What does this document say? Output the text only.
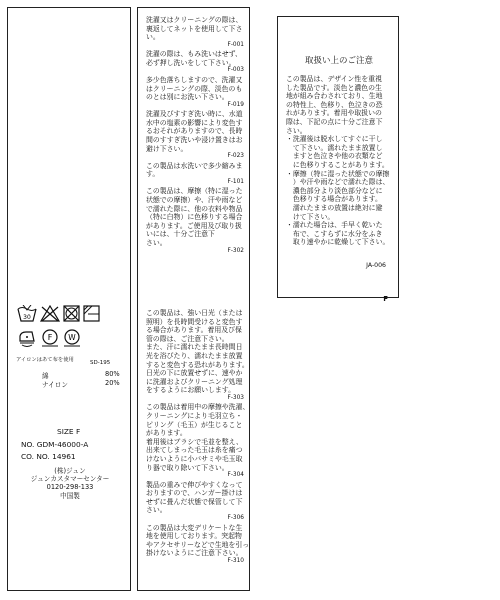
30
F W
アイロンはあて布を使用	SD-195
綿	80%
ナイロン	20%
SIZE F
NO. GDM-46000-A
CO. NO. 14961
(株)ジュン
ジュンカスタマーセンター
0120-298-133
中国製

洗濯又はクリーニングの際は、
裏返してネットを使用して下さ
い。

F-001

洗濯の際は、もみ洗いはせず、
必ず押し洗いをして下さい。

F-003

多少色落ちしますので、洗濯又
はクリーニングの際、淡色のも
のとは別にお洗い下さい。

F-019

洗濯及びすすぎ洗い時に、水道
水中の塩素の影響により変色す
るおそれがありますので、長時
間のすすぎ洗いや浸け置きはお
避け下さい。

F-023

この製品は水洗いで多少縮みま
す。

F-101

この製品は、摩擦（特に湿った
状態での摩擦）や、汗や雨など
で濡れた際に、他の衣料や物品
（特に白物）に色移りする場合
があります。ご使用及び取り扱
いには、十分ご注意下
さい。

F-302

この製品は、強い日光（または
照明）を長時間受けると変色す
る場合があります。着用及び保
管の際は、ご注意下さい。
また、汗に濡れたまま長時間日
光を浴びたり、濡れたまま放置
すると変色する恐れがあります。
日光の下に放置せずに、速やか
に洗濯およびクリーニング処理
をするようにお願いします。

F-303

この製品は着用中の摩擦や洗濯、
クリーニングにより毛羽立ち・
ピリング（毛玉）が生じること
があります。
着用後はブラシで毛並を整え、
出来てしまった毛玉は糸を痛つ
けないように小バサミや毛玉取
り器で取り除いて下さい。

F-304

製品の重みで伸びやすくなって
おりますので、ハンガー掛けは
せずに畳んだ状態で保管して下
さい。

F-306

この製品は大変デリケートな生
地を使用しております。突起物
やアクセサリーなどで生地を引っ
掛けないようにご注意下さい。

F-310
取扱い上のご注意

この製品は、デザイン性を重視
した製品です。淡色と濃色の生
地が組み合わされており、生地
の特性上、色移り、色泣きの恐
れがあります。着用や取扱いの
際は、下記の点に十分ご注意下
さい。
・洗濯後は脱水してすぐに干し
　て下さい。濡れたまま放置し
　ますと色泣きや他の衣類など
　に色移りすることがあります。
・摩擦（特に湿った状態での摩擦
　）や汗や雨などで濡れた際は、
　濃色部分より淡色部分などに
　色移りする場合があります。
　濡れたままの放置は絶対に避
　けて下さい。
・濡れた場合は、手早く乾いた
　布で、こすらずに水分をふき
　取り速やかに乾燥して下さい。

JA-006
F
